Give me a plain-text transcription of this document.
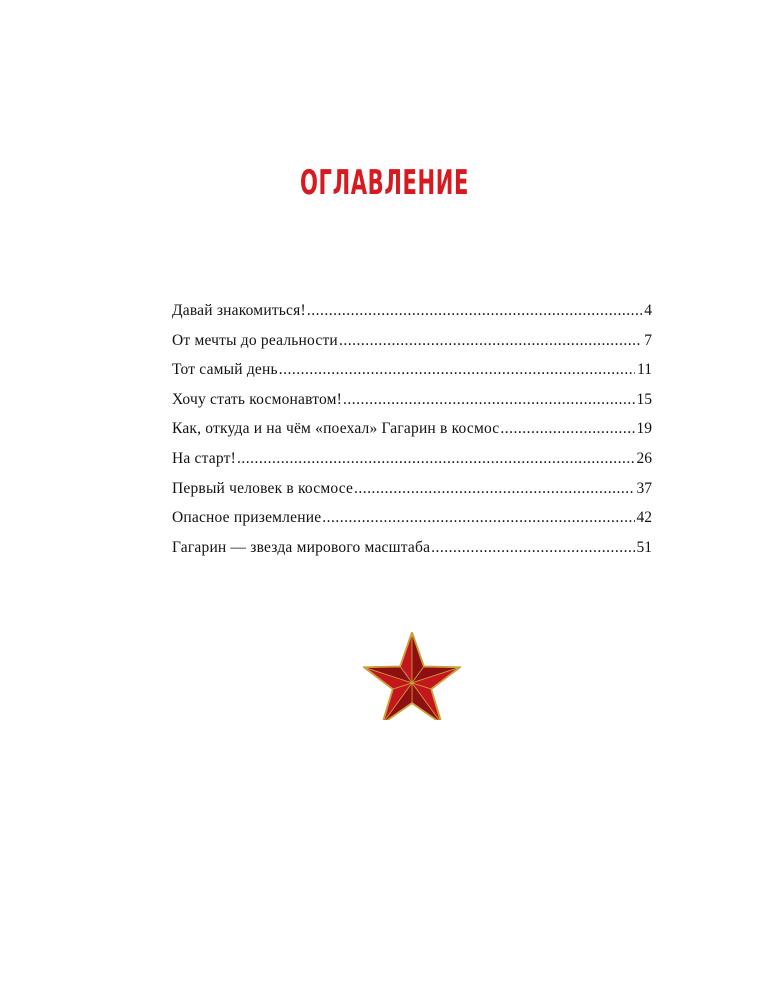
ОГЛАВЛЕНИЕ
Давай знакомиться! .....	4
От мечты до реальности .....	7
Тот самый день .....	11
Хочу стать космонавтом! .....	15
Как, откуда и на чём «поехал» Гагарин в космос .....	19
На старт! .....	26
Первый человек в космосе .....	37
Опасное приземление .....	42
Гагарин — звезда мирового масштаба .....	51
